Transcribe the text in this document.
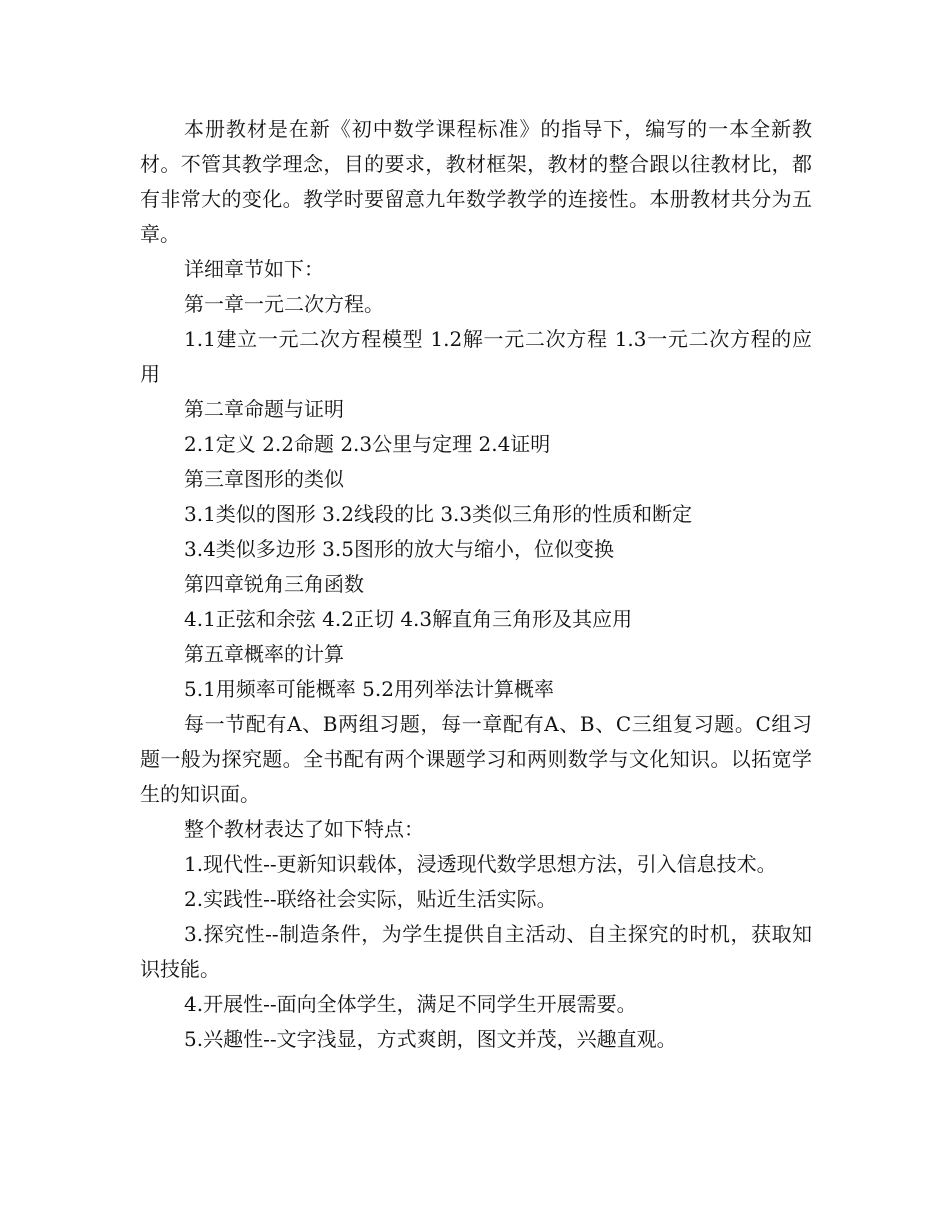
本册教材是在新《初中数学课程标准》的指导下，编写的一本全新教材。不管其教学理念，目的要求，教材框架，教材的整合跟以往教材比，都有非常大的变化。教学时要留意九年数学教学的连接性。本册教材共分为五章。

详细章节如下：

第一章一元二次方程。

1.1建立一元二次方程模型 1.2解一元二次方程 1.3一元二次方程的应用

第二章命题与证明

2.1定义 2.2命题 2.3公里与定理 2.4证明

第三章图形的类似

3.1类似的图形 3.2线段的比 3.3类似三角形的性质和断定

3.4类似多边形 3.5图形的放大与缩小，位似变换

第四章锐角三角函数

4.1正弦和余弦 4.2正切 4.3解直角三角形及其应用

第五章概率的计算

5.1用频率可能概率 5.2用列举法计算概率

每一节配有A、B两组习题，每一章配有A、B、C三组复习题。C组习题一般为探究题。全书配有两个课题学习和两则数学与文化知识。以拓宽学生的知识面。

整个教材表达了如下特点：

1.现代性--更新知识载体，浸透现代数学思想方法，引入信息技术。

2.实践性--联络社会实际，贴近生活实际。

3.探究性--制造条件，为学生提供自主活动、自主探究的时机，获取知识技能。

4.开展性--面向全体学生，满足不同学生开展需要。

5.兴趣性--文字浅显，方式爽朗，图文并茂，兴趣直观。
